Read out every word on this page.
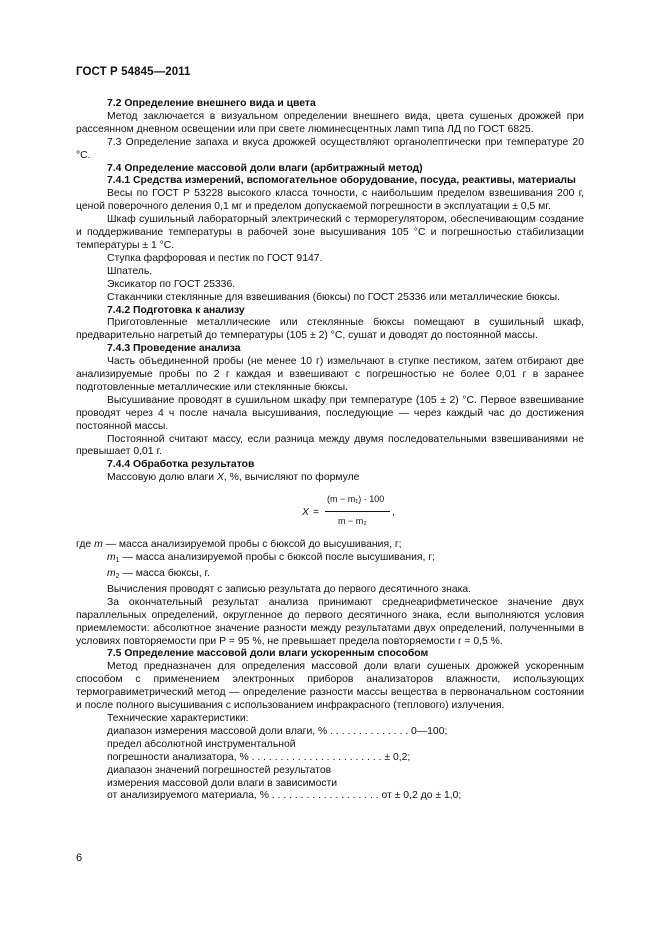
ГОСТ Р 54845—2011

7.2 Определение внешнего вида и цвета

Метод заключается в визуальном определении внешнего вида, цвета сушеных дрожжей при рассеянном дневном освещении или при свете люминесцентных ламп типа ЛД по ГОСТ 6825.

7.3 Определение запаха и вкуса дрожжей осуществляют органолептически при температуре 20 °С.

7.4 Определение массовой доли влаги (арбитражный метод)

7.4.1 Средства измерений, вспомогательное оборудование, посуда, реактивы, материалы

Весы по ГОСТ Р 53228 высокого класса точности, с наибольшим пределом взвешивания 200 г, ценой поверочного деления 0,1 мг и пределом допускаемой погрешности в эксплуатации ± 0,5 мг.

Шкаф сушильный лабораторный электрический с терморегулятором, обеспечивающим создание и поддерживание температуры в рабочей зоне высушивания 105 °С и погрешностью стабилизации температуры ± 1 °С.

Ступка фарфоровая и пестик по ГОСТ 9147.

Шпатель.

Эксикатор по ГОСТ 25336.

Стаканчики стеклянные для взвешивания (бюксы) по ГОСТ 25336 или металлические бюксы.

7.4.2 Подготовка к анализу

Приготовленные металлические или стеклянные бюксы помещают в сушильный шкаф, предварительно нагретый до температуры (105 ± 2) °С, сушат и доводят до постоянной массы.

7.4.3 Проведение анализа

Часть объединенной пробы (не менее 10 г) измельчают в ступке пестиком, затем отбирают две анализируемые пробы по 2 г каждая и взвешивают с погрешностью не более 0,01 г в заранее подготовленные металлические или стеклянные бюксы.

Высушивание проводят в сушильном шкафу при температуре (105 ± 2) °С. Первое взвешивание проводят через 4 ч после начала высушивания, последующие — через каждый час до достижения постоянной массы.

Постоянной считают массу, если разница между двумя последовательными взвешиваниями не превышает 0,01 г.

7.4.4 Обработка результатов

Массовую долю влаги X, %, вычисляют по формуле

X =
(m − m₁) · 100
m − m₂
,

где m — масса анализируемой пробы с бюксой до высушивания, г;

$m_1$ — масса анализируемой пробы с бюксой после высушивания, г;

$m_2$ — масса бюксы, г.

Вычисления проводят с записью результата до первого десятичного знака.

За окончательный результат анализа принимают среднеарифметическое значение двух параллельных определений, округленное до первого десятичного знака, если выполняются условия приемлемости: абсолютное значение разности между результатами двух определений, полученными в условиях повторяемости при Р = 95 %, не превышает предела повторяемости r = 0,5 %.

7.5 Определение массовой доли влаги ускоренным способом

Метод предназначен для определения массовой доли влаги сушеных дрожжей ускоренным способом с применением электронных приборов анализаторов влажности, использующих термогравиметрический метод — определение разности массы вещества в первоначальном состоянии и после полного высушивания с использованием инфракрасного (теплового) излучения.

Технические характеристики:

диапазон измерения массовой доли влаги, % . . . . . . . . . . . . . . 0—100;

предел абсолютной инструментальной

погрешности анализатора, % . . . . . . . . . . . . . . . . . . . . . . . ± 0,2;

диапазон значений погрешностей результатов

измерения массовой доли влаги в зависимости

от анализируемого материала, % . . . . . . . . . . . . . . . . . . . от ± 0,2 до ± 1,0;

6
